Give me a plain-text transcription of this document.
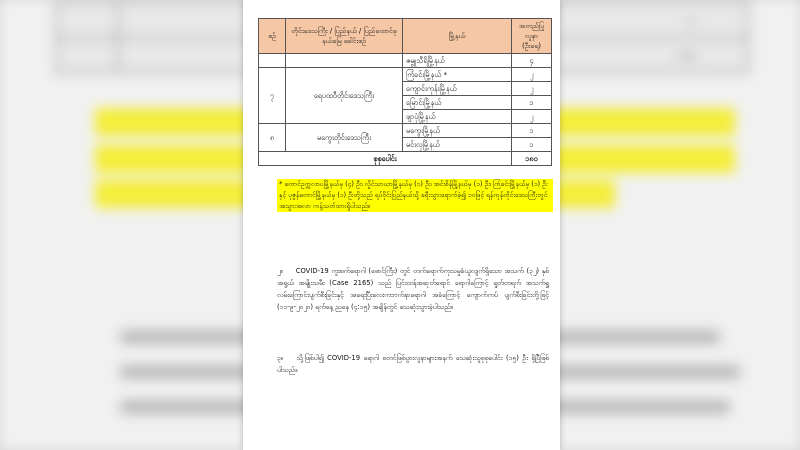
၁
၁၈၀
စဉ်	တိုင်းဒေသကြီး / ပြည်နယ် / ပြည်ထောင်စုနယ်မြေ ခေါင်းစဉ်	မြို့နယ်	အတည်ပြုလူနာ (ဦးရေ)
		ဇမ္ဗူသီရိမြို့နယ်	၄
၇	ရေပထဝီတိုင်းဒေသကြီး	ကြံခင်းမြို့နယ် *	၂
		ကျောင်းကုန်းမြို့နယ်	၂
		မြောင်းမြို့နယ်	၁
		ဖျာပုံမြို့နယ်	၂
၈	မကွေးတိုင်းဒေသကြီး	မကွေးမြို့နယ်	၁
		မင်းလှမြို့နယ်	၁
စုစုပေါင်း			၁၈၀
* တောင်ဥက္ကလာပမြို့နယ်မှ (၄) ဦး၊ လှိုင်သာယာမြို့နယ်မှ (၁) ဦး၊ အင်းစိန်မြို့နယ်မှ (၁) ဦး၊ ကြံခင်းမြို့နယ်မှ (၁) ဦးနှင့် ပုဇွန်တောင်မြို့နယ်မှ (၁) ဦးတို့သည် ရပ်ဝိုင်းပြည်နယ်သို့ ခရီးသွားရောက်ခဲ့၍ ၁၀ဖြင့် ရန်ကုန်တိုင်းဒေသကြီးတွင် အသွားအလာ ကန့်သတ်ထားရှိပါသည်။
၂။ COVID-19 ကူးစက်ရောဂါ (ဓောင်ကြီး) တွင် တက်ရောက်ကုသမှုခံယူလျက်ရှိသော အသက် (၃၂) နှစ်အရွယ် အမျိုးသမီး (Case 2165) သည် ပြင်းထန်အဆုတ်ရောင် ရောဂါကြောင့် ရှုတ်တရက် အသက်ရှူလမ်းကြောင်းပျက်စီးခြင်းနှင့် အရေးပြီးလေးကဘက်နာရောဂါ အခံကြောင့် ကျောက်ကပ် ပျက်စီးခြင်းတို့ဖြင့် (၁၁-၉-၂၀၂၀) ရက်နေ့ ညနေ (၄:၁၅) အချိန်တွင် သေဆုံးသွားခဲ့ပါသည်။
၃။ သို့ဖြစ်ပါ၍ COVID-19 ရောဂါ စတင်ဖြစ်ပွားလူနာများအနက် သေဆုံးသူစုစုပေါင်း (၁၅) ဦး ရှိပြီဖြစ်ပါသည်။
